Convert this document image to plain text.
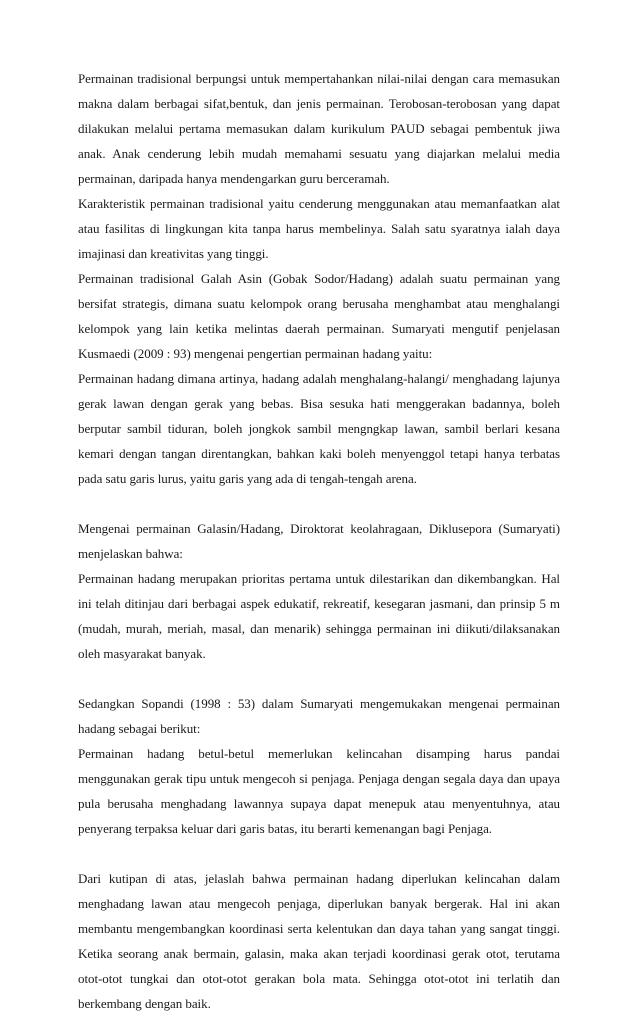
Permainan tradisional berpungsi untuk mempertahankan nilai-nilai dengan cara memasukan makna dalam berbagai sifat,bentuk, dan jenis permainan. Terobosan-terobosan yang dapat dilakukan melalui pertama memasukan dalam kurikulum PAUD sebagai pembentuk jiwa anak. Anak cenderung lebih mudah memahami sesuatu yang diajarkan melalui media permainan, daripada hanya mendengarkan guru berceramah.

Karakteristik permainan tradisional yaitu cenderung menggunakan atau memanfaatkan alat atau fasilitas di lingkungan kita tanpa harus membelinya. Salah satu syaratnya ialah daya imajinasi dan kreativitas yang tinggi.

Permainan tradisional Galah Asin (Gobak Sodor/Hadang) adalah suatu permainan yang bersifat strategis, dimana suatu kelompok orang berusaha menghambat atau menghalangi kelompok yang lain ketika melintas daerah permainan. Sumaryati mengutif penjelasan Kusmaedi (2009 : 93) mengenai pengertian permainan hadang yaitu:

Permainan hadang dimana artinya, hadang adalah menghalang-halangi/ menghadang lajunya gerak lawan dengan gerak yang bebas. Bisa sesuka hati menggerakan badannya, boleh berputar sambil tiduran, boleh jongkok sambil mengngkap lawan, sambil berlari kesana kemari dengan tangan direntangkan, bahkan kaki boleh menyenggol tetapi hanya terbatas pada satu garis lurus, yaitu garis yang ada di tengah-tengah arena.

Mengenai permainan Galasin/Hadang, Diroktorat keolahragaan, Diklusepora (Sumaryati) menjelaskan bahwa:

Permainan hadang merupakan prioritas pertama untuk dilestarikan dan dikembangkan. Hal ini telah ditinjau dari berbagai aspek edukatif, rekreatif, kesegaran jasmani, dan prinsip 5 m (mudah, murah, meriah, masal, dan menarik) sehingga permainan ini diikuti/dilaksanakan oleh masyarakat banyak.

Sedangkan Sopandi (1998 : 53) dalam Sumaryati mengemukakan mengenai permainan hadang sebagai berikut:

Permainan hadang betul-betul memerlukan kelincahan disamping harus pandai menggunakan gerak tipu untuk mengecoh si penjaga. Penjaga dengan segala daya dan upaya pula berusaha menghadang lawannya supaya dapat menepuk atau menyentuhnya, atau penyerang terpaksa keluar dari garis batas, itu berarti kemenangan bagi Penjaga.

Dari kutipan di atas, jelaslah bahwa permainan hadang diperlukan kelincahan dalam menghadang lawan atau mengecoh penjaga, diperlukan banyak bergerak. Hal ini akan membantu mengembangkan koordinasi serta kelentukan dan daya tahan yang sangat tinggi. Ketika seorang anak bermain, galasin, maka akan terjadi koordinasi gerak otot, terutama otot-otot tungkai dan otot-otot gerakan bola mata. Sehingga otot-otot ini terlatih dan berkembang dengan baik.
